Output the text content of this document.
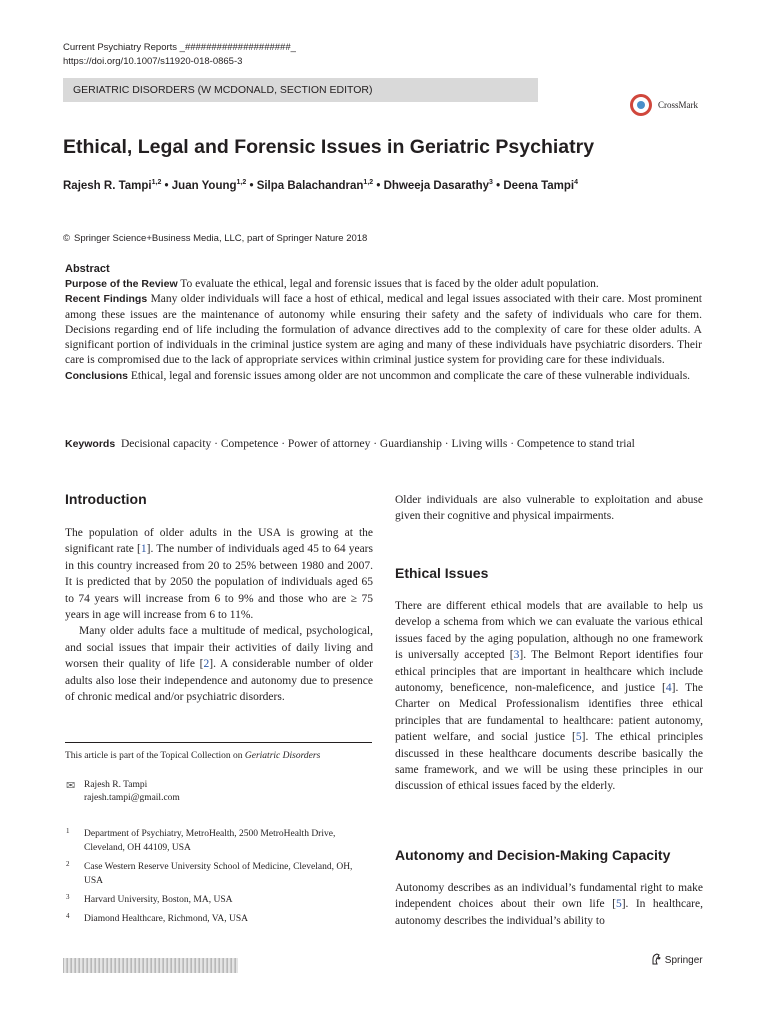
Current Psychiatry Reports _####################_
https://doi.org/10.1007/s11920-018-0865-3
GERIATRIC DISORDERS (W MCDONALD, SECTION EDITOR)
CrossMark
Ethical, Legal and Forensic Issues in Geriatric Psychiatry
Rajesh R. Tampi$^{1,2}$ • Juan Young$^{1,2}$ • Silpa Balachandran$^{1,2}$ • Dhweeja Dasarathy$^3$ • Deena Tampi$^4$
© Springer Science+Business Media, LLC, part of Springer Nature 2018
Abstract
Purpose of the Review To evaluate the ethical, legal and forensic issues that is faced by the older adult population.
Recent Findings Many older individuals will face a host of ethical, medical and legal issues associated with their care. Most prominent among these issues are the maintenance of autonomy while ensuring their safety and the safety of individuals who care for them. Decisions regarding end of life including the formulation of advance directives add to the complexity of care for these older adults. A significant portion of individuals in the criminal justice system are aging and many of these individuals have psychiatric disorders. Their care is compromised due to the lack of appropriate services within criminal justice system for providing care for these individuals.
Conclusions Ethical, legal and forensic issues among older are not uncommon and complicate the care of these vulnerable individuals.
Keywords Decisional capacity · Competence · Power of attorney · Guardianship · Living wills · Competence to stand trial
Introduction

The population of older adults in the USA is growing at the significant rate [1]. The number of individuals aged 45 to 64 years in this country increased from 20 to 25% between 1980 and 2007. It is predicted that by 2050 the population of individuals aged 65 to 74 years will increase from 6 to 9% and those who are ≥ 75 years in age will increase from 6 to 11%.

Many older adults face a multitude of medical, psychological, and social issues that impair their activities of daily living and worsen their quality of life [2]. A considerable number of older adults also lose their independence and autonomy due to presence of chronic medical and/or psychiatric disorders.

This article is part of the Topical Collection on Geriatric Disorders
✉ Rajesh R. Tampi
rajesh.tampi@gmail.com
1 Department of Psychiatry, MetroHealth, 2500 MetroHealth Drive, Cleveland, OH 44109, USA
2 Case Western Reserve University School of Medicine, Cleveland, OH, USA
3 Harvard University, Boston, MA, USA
4 Diamond Healthcare, Richmond, VA, USA
Older individuals are also vulnerable to exploitation and abuse given their cognitive and physical impairments.
Ethical Issues

There are different ethical models that are available to help us develop a schema from which we can evaluate the various ethical issues faced by the aging population, although no one framework is universally accepted [3]. The Belmont Report identifies four ethical principles that are important in healthcare which include autonomy, beneficence, non-maleficence, and justice [4]. The Charter on Medical Professionalism identifies three ethical principles that are fundamental to healthcare: patient autonomy, patient welfare, and social justice [5]. The ethical principles discussed in these healthcare documents describe basically the same framework, and we will be using these principles in our discussion of ethical issues faced by the elderly.

Autonomy and Decision-Making Capacity

Autonomy describes as an individual’s fundamental right to make independent choices about their own life [5]. In healthcare, autonomy describes the individual’s ability to

Springer
